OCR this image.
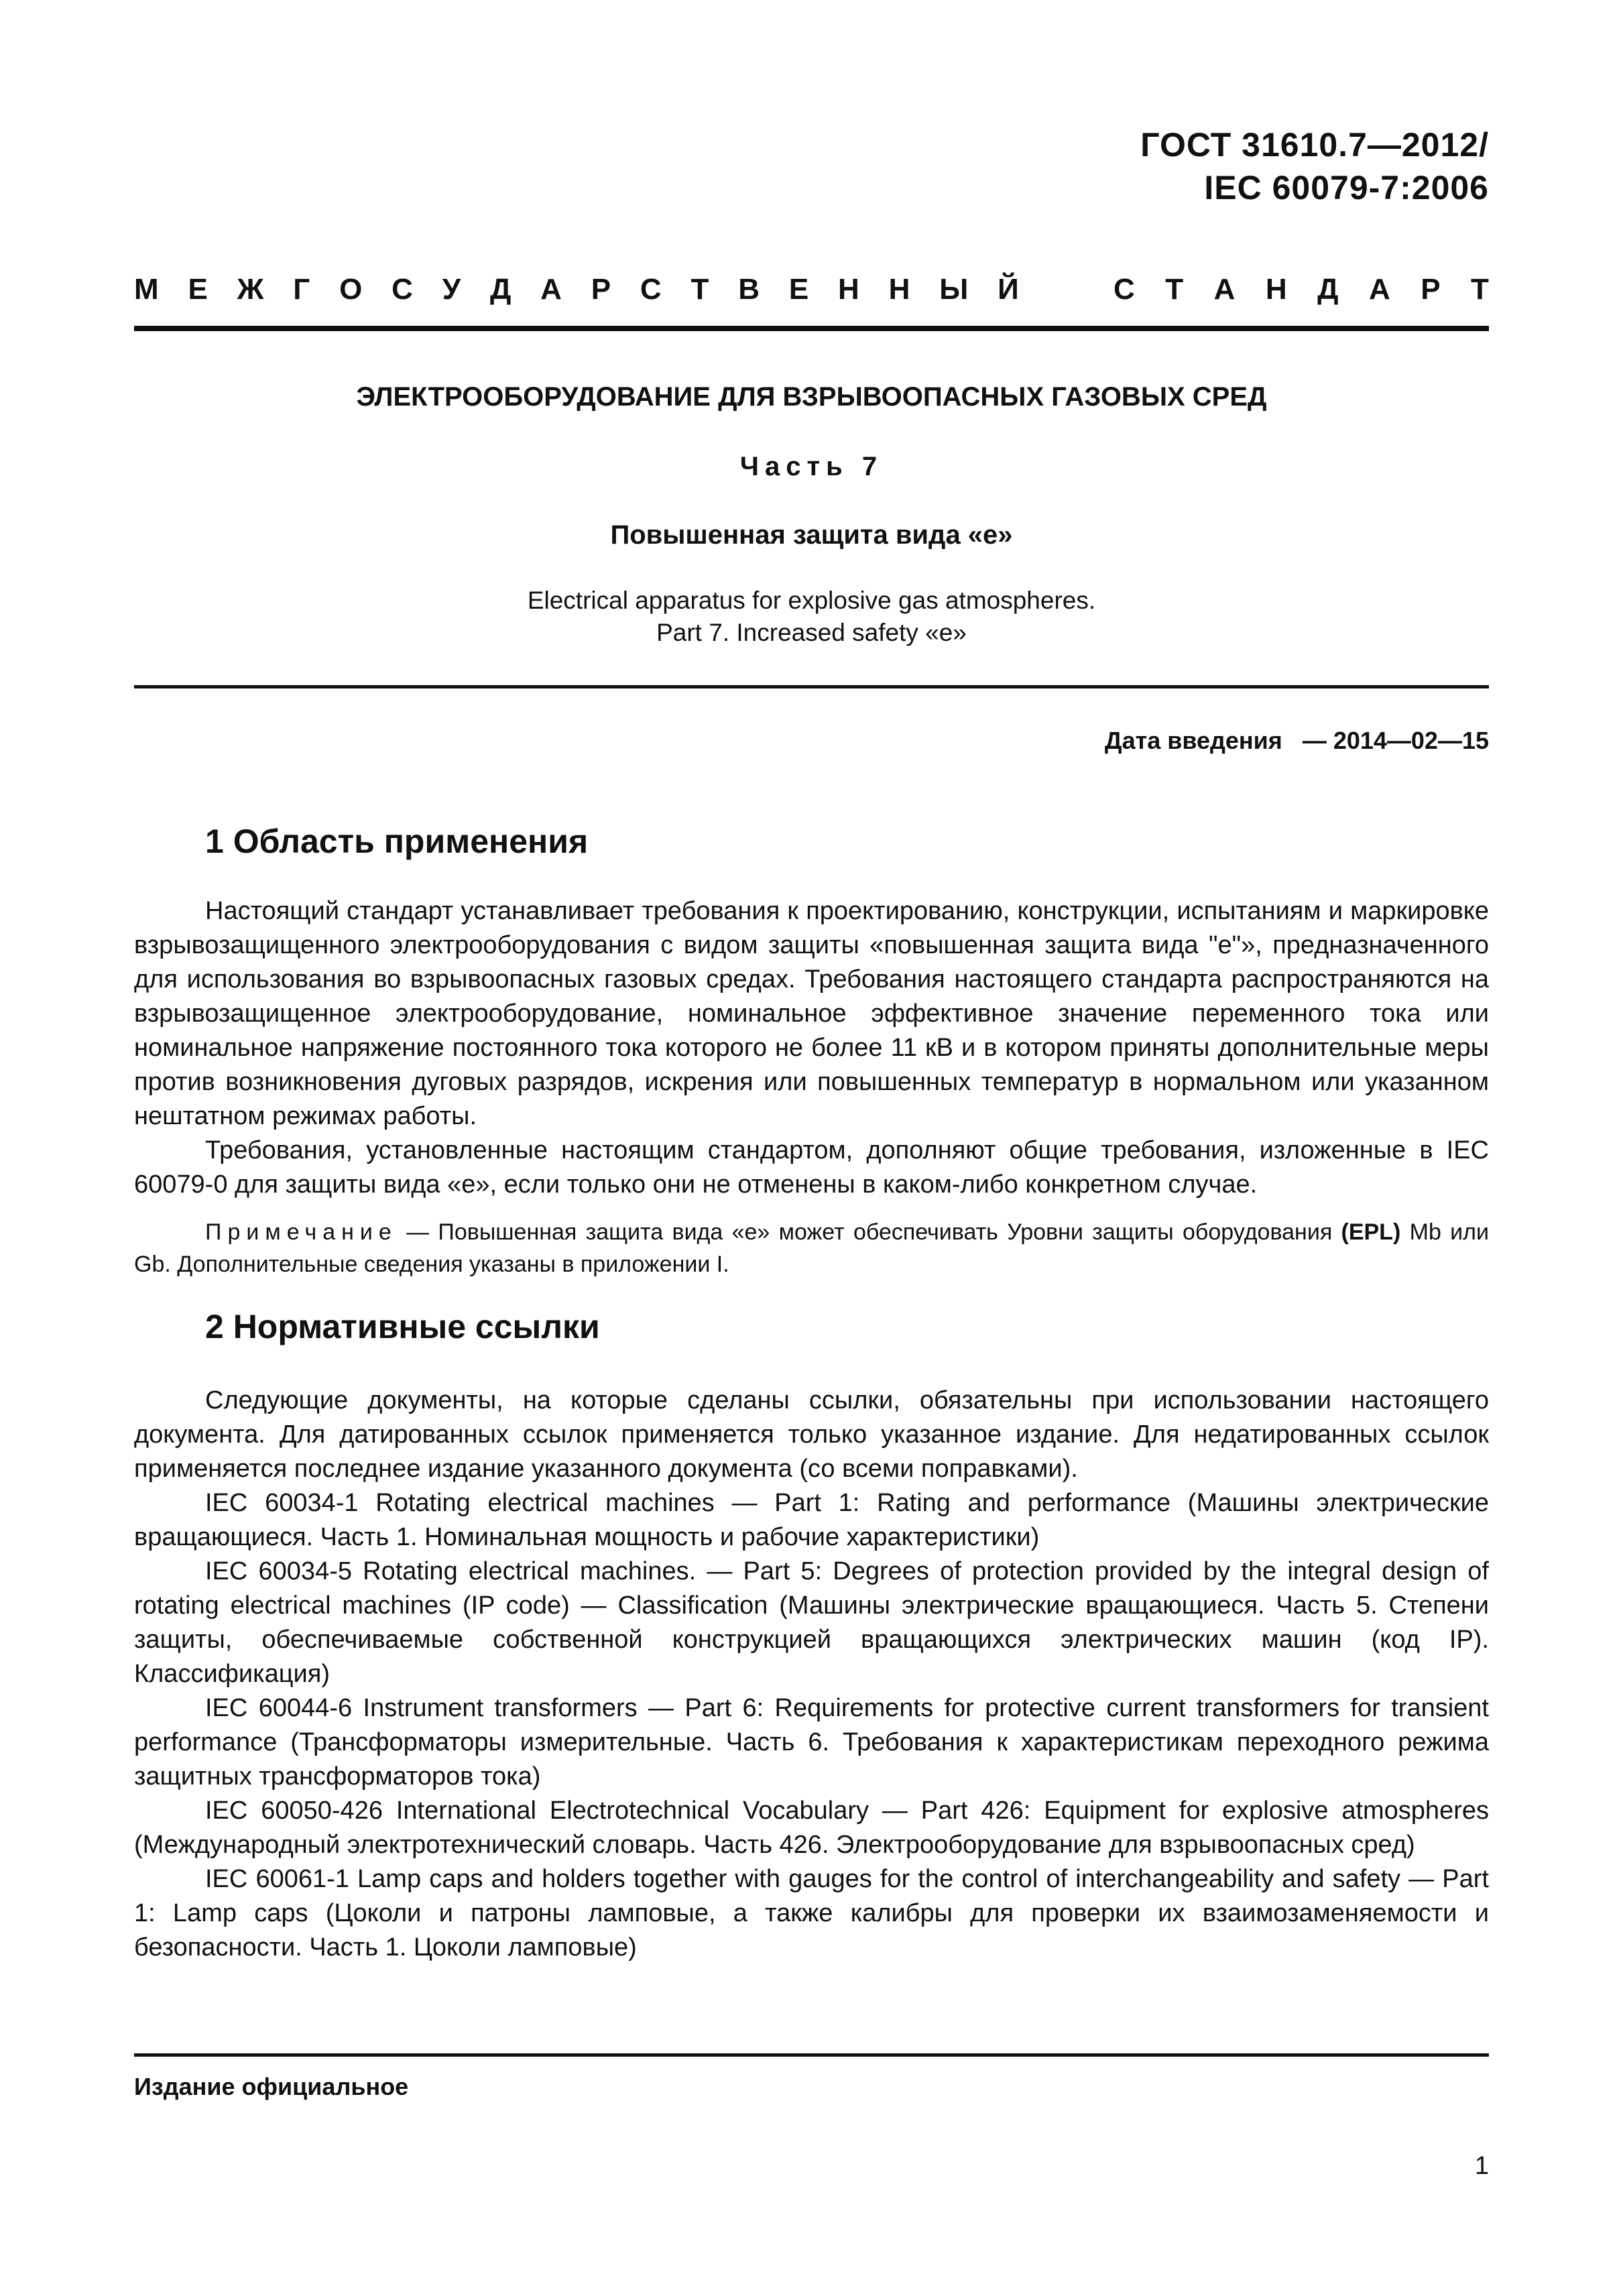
ГОСТ 31610.7—2012/
IEC 60079-7:2006
М Е Ж Г О С У Д А Р С Т В Е Н Н Ы Й	С Т А Н Д А Р Т
ЭЛЕКТРООБОРУДОВАНИЕ ДЛЯ ВЗРЫВООПАСНЫХ ГАЗОВЫХ СРЕД
Часть 7
Повышенная защита вида «е»
Electrical apparatus for explosive gas atmospheres.
Part 7. Increased safety «e»
Дата введения — 2014—02—15
1 Область применения

Настоящий стандарт устанавливает требования к проектированию, конструкции, испытаниям и маркировке взрывозащищенного электрооборудования с видом защиты «повышенная защита вида "е"», предназначенного для использования во взрывоопасных газовых средах. Требования настоящего стандарта распространяются на взрывозащищенное электрооборудование, номинальное эффективное значение переменного тока или номинальное напряжение постоянного тока которого не более 11 кВ и в котором приняты дополнительные меры против возникновения дуговых разрядов, искрения или повышенных температур в нормальном или указанном нештатном режимах работы.

Требования, установленные настоящим стандартом, дополняют общие требования, изложенные в IEC 60079-0 для защиты вида «е», если только они не отменены в каком-либо конкретном случае.

Примечание — Повышенная защита вида «е» может обеспечивать Уровни защиты оборудования (EPL) Mb или Gb. Дополнительные сведения указаны в приложении I.
2 Нормативные ссылки

Следующие документы, на которые сделаны ссылки, обязательны при использовании настоящего документа. Для датированных ссылок применяется только указанное издание. Для недатированных ссылок применяется последнее издание указанного документа (со всеми поправками).

IEC 60034-1 Rotating electrical machines — Part 1: Rating and performance (Машины электрические вращающиеся. Часть 1. Номинальная мощность и рабочие характеристики)

IEC 60034-5 Rotating electrical machines. — Part 5: Degrees of protection provided by the integral design of rotating electrical machines (IP code) — Classification (Машины электрические вращающиеся. Часть 5. Степени защиты, обеспечиваемые собственной конструкцией вращающихся электрических машин (код IP). Классификация)

IEC 60044-6 Instrument transformers — Part 6: Requirements for protective current transformers for transient performance (Трансформаторы измерительные. Часть 6. Требования к характеристикам переходного режима защитных трансформаторов тока)

IEC 60050-426 International Electrotechnical Vocabulary — Part 426: Equipment for explosive atmospheres (Международный электротехнический словарь. Часть 426. Электрооборудование для взрывоопасных сред)

IEC 60061-1 Lamp caps and holders together with gauges for the control of interchangeability and safety — Part 1: Lamp caps (Цоколи и патроны ламповые, а также калибры для проверки их взаимозаменяемости и безопасности. Часть 1. Цоколи ламповые)

Издание официальное
1
